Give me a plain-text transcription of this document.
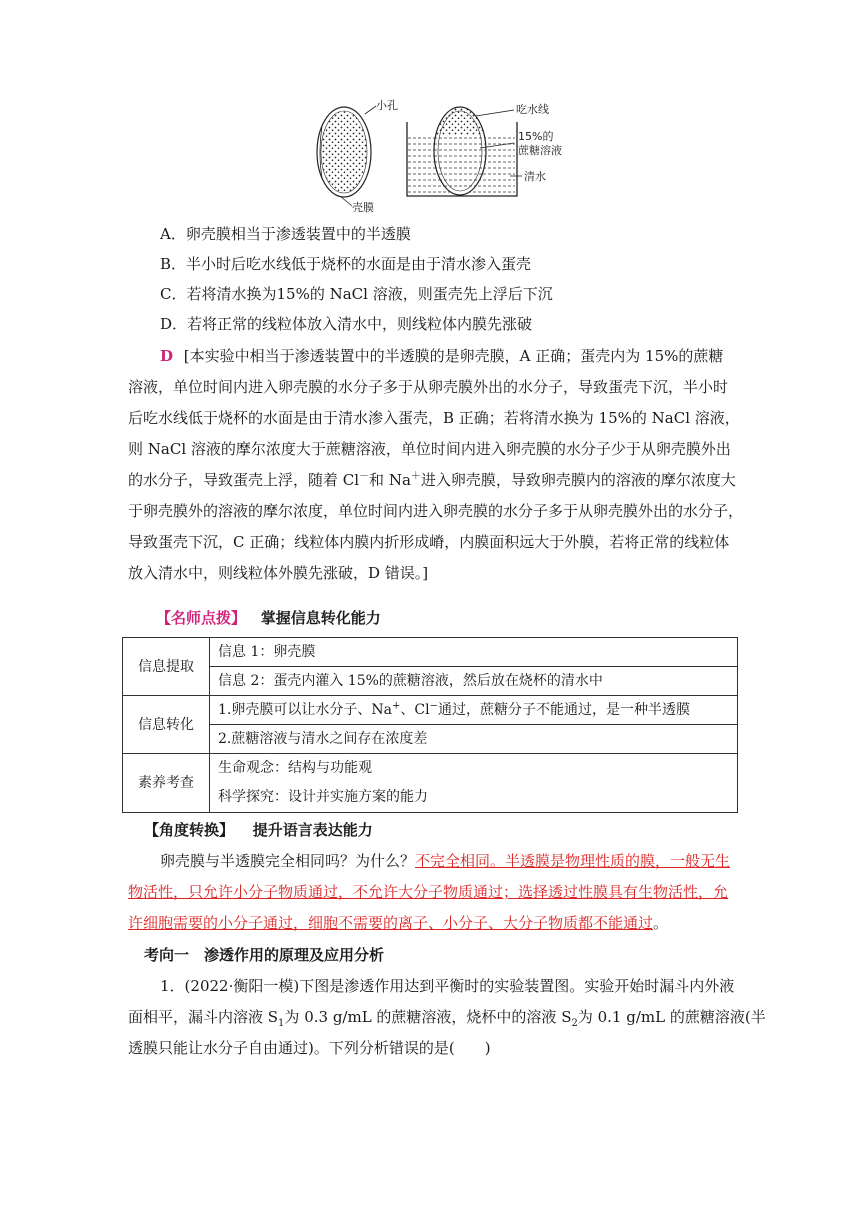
小孔
壳膜
吃水线
15%的
蔗糖溶液
清水
A．卵壳膜相当于渗透装置中的半透膜
B．半小时后吃水线低于烧杯的水面是由于清水渗入蛋壳
C．若将清水换为15%的 NaCl 溶液，则蛋壳先上浮后下沉
D．若将正常的线粒体放入清水中，则线粒体内膜先涨破
D [本实验中相当于渗透装置中的半透膜的是卵壳膜，A 正确；蛋壳内为 15%的蔗糖
溶液，单位时间内进入卵壳膜的水分子多于从卵壳膜外出的水分子，导致蛋壳下沉，半小时
后吃水线低于烧杯的水面是由于清水渗入蛋壳，B 正确；若将清水换为 15%的 NaCl 溶液，
则 NaCl 溶液的摩尔浓度大于蔗糖溶液，单位时间内进入卵壳膜的水分子少于从卵壳膜外出
的水分子，导致蛋壳上浮，随着 Cl－和 Na＋进入卵壳膜，导致卵壳膜内的溶液的摩尔浓度大
于卵壳膜外的溶液的摩尔浓度，单位时间内进入卵壳膜的水分子多于从卵壳膜外出的水分子，
导致蛋壳下沉，C 正确；线粒体内膜内折形成嵴，内膜面积远大于外膜，若将正常的线粒体
放入清水中，则线粒体外膜先涨破，D 错误。]
【名师点拨】 掌握信息转化能力
信息提取	信息 1：卵壳膜
	信息 2：蛋壳内灌入 15%的蔗糖溶液，然后放在烧杯的清水中
信息转化	1.卵壳膜可以让水分子、Na+、Cl−通过，蔗糖分子不能通过，是一种半透膜
	2.蔗糖溶液与清水之间存在浓度差
素养考查	生命观念：结构与功能观
科学探究：设计并实施方案的能力
【角度转换】 提升语言表达能力
卵壳膜与半透膜完全相同吗？为什么？不完全相同。半透膜是物理性质的膜，一般无生
物活性，只允许小分子物质通过，不允许大分子物质通过；选择透过性膜具有生物活性，允
许细胞需要的小分子通过，细胞不需要的离子、小分子、大分子物质都不能通过。
考向一　渗透作用的原理及应用分析
1．(2022·衡阳一模)下图是渗透作用达到平衡时的实验装置图。实验开始时漏斗内外液
面相平，漏斗内溶液 $S_1$为 0.3 g/mL 的蔗糖溶液，烧杯中的溶液 $S_2$为 0.1 g/mL 的蔗糖溶液(半
透膜只能让水分子自由通过)。下列分析错误的是(　　)
